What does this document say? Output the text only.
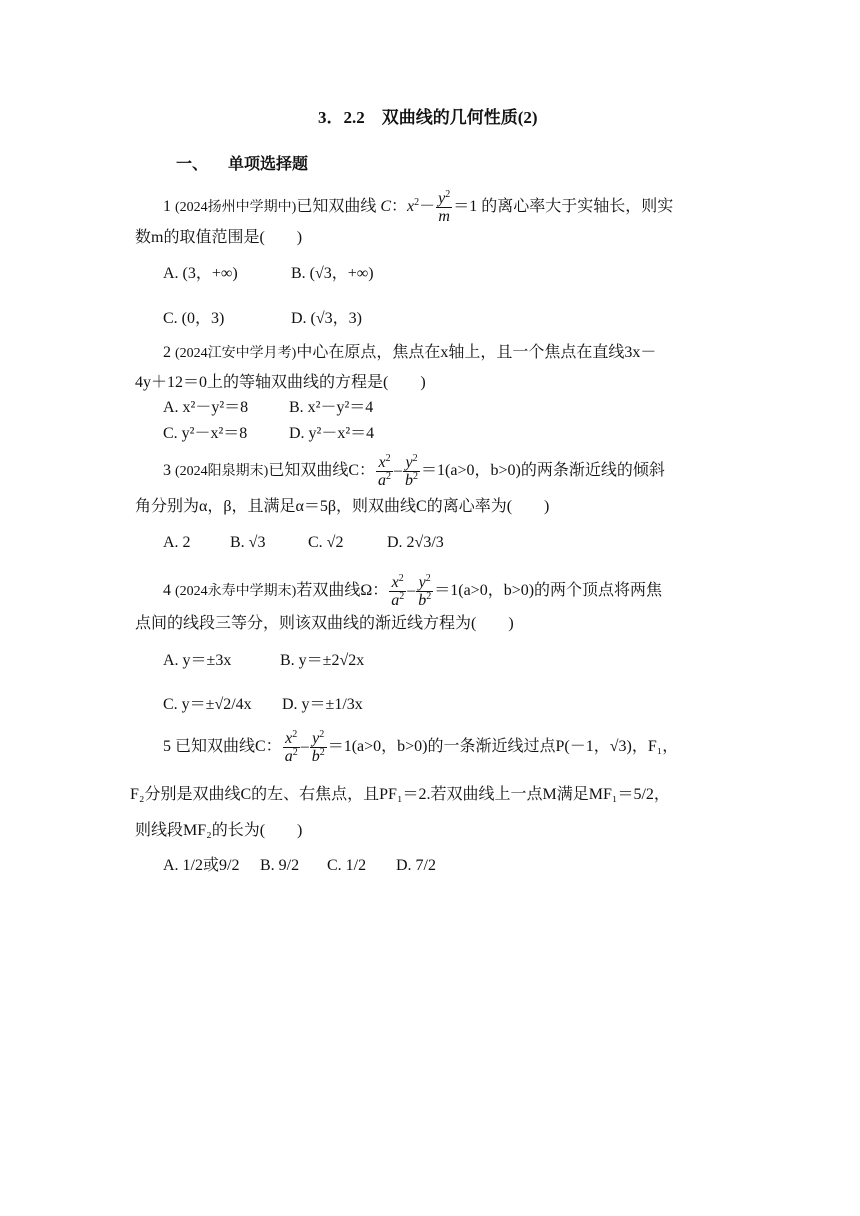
3．2.2　双曲线的几何性质(2)
一、 单项选择题
1 (2024扬州中学期中)已知双曲线 C：$x^2- \frac{y^2}{m} =1$ 的离心率大于实轴长，则实
数m的取值范围是(　　)
A. (3，+∞)	B. (√3，+∞)
C. (0，3)	D. (√3，3)
2 (2024江安中学月考)中心在原点，焦点在x轴上，且一个焦点在直线3x－
4y＋12＝0上的等轴双曲线的方程是(　　)
A. x²－y²＝8	B. x²－y²＝4
C. y²－x²＝8	D. y²－x²＝4
3 (2024阳泉期末)已知双曲线C： $\frac{x^2}{a^2} - \frac{y^2}{b^2} =1(a>0$，b>0)的两条渐近线的倾斜
角分别为α，β，且满足α＝5β，则双曲线C的离心率为(　　)
A. 2 B. √3	C. √2	D. 2√3/3
4 (2024永寿中学期末)若双曲线Ω： $\frac{x^2}{a^2} - \frac{y^2}{b^2} =1(a>0$，b>0)的两个顶点将两焦
点间的线段三等分，则该双曲线的渐近线方程为(　　)
A. y＝±3x	B. y＝±2√2x
C. y＝±√2/4x D. y＝±1/3x
5 已知双曲线C： $\frac{x^2}{a^2} - \frac{y^2}{b^2} =1(a>0$，b>0)的一条渐近线过点P(－1，√3)，F₁，
F₂分别是双曲线C的左、右焦点，且PF₁＝2.若双曲线上一点M满足MF₁＝5/2，
则线段MF₂的长为(　　)
A. 1/2或9/2 B. 9/2 C. 1/2 D. 7/2
